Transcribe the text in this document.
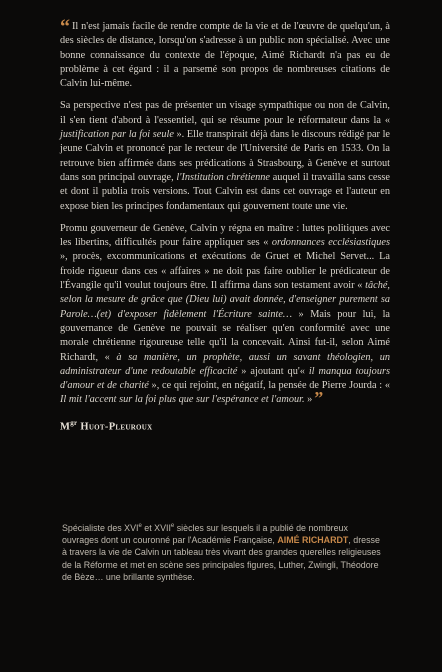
“ Il n'est jamais facile de rendre compte de la vie et de l'œuvre de quelqu'un, à des siècles de distance, lorsqu'on s'adresse à un public non spécialisé. Avec une bonne connaissance du contexte de l'époque, Aimé Richardt n'a pas eu de problème à cet égard : il a parsemé son propos de nombreuses citations de Calvin lui-même.

Sa perspective n'est pas de présenter un visage sympathique ou non de Calvin, il s'en tient d'abord à l'essentiel, qui se résume pour le réformateur dans la « justification par la foi seule ». Elle transpirait déjà dans le discours rédigé par le jeune Calvin et prononcé par le recteur de l'Université de Paris en 1533. On la retrouve bien affirmée dans ses prédications à Strasbourg, à Genève et surtout dans son principal ouvrage, l'Institution chrétienne auquel il travailla sans cesse et dont il publia trois versions. Tout Calvin est dans cet ouvrage et l'auteur en expose bien les principes fondamentaux qui gouvernent toute une vie.

Promu gouverneur de Genève, Calvin y régna en maître : luttes politiques avec les libertins, difficultés pour faire appliquer ses « ordonnances ecclésiastiques », procès, excommunications et exécutions de Gruet et Michel Servet... La froide rigueur dans ces « affaires » ne doit pas faire oublier le prédicateur de l'Évangile qu'il voulut toujours être. Il affirma dans son testament avoir « tâché, selon la mesure de grâce que (Dieu lui) avait donnée, d'enseigner purement sa Parole…(et) d'exposer fidèlement l'Écriture sainte… » Mais pour lui, la gouvernance de Genève ne pouvait se réaliser qu'en conformité avec une morale chrétienne rigoureuse telle qu'il la concevait. Ainsi fut-il, selon Aimé Richardt, « à sa manière, un prophète, aussi un savant théologien, un administrateur d'une redoutable efficacité » ajoutant qu'« il manqua toujours d'amour et de charité », ce qui rejoint, en négatif, la pensée de Pierre Jourda : « Il mit l'accent sur la foi plus que sur l'espérance et l'amour. » ”

$M^{gr}$ Huot-Pleuroux
Spécialiste des XVIe et XVIIe siècles sur lesquels il a publié de nombreux ouvrages dont un couronné par l'Académie Française, AIMÉ RICHARDT, dresse à travers la vie de Calvin un tableau très vivant des grandes querelles religieuses de la Réforme et met en scène ses principales figures, Luther, Zwingli, Théodore de Bèze… une brillante synthèse.
